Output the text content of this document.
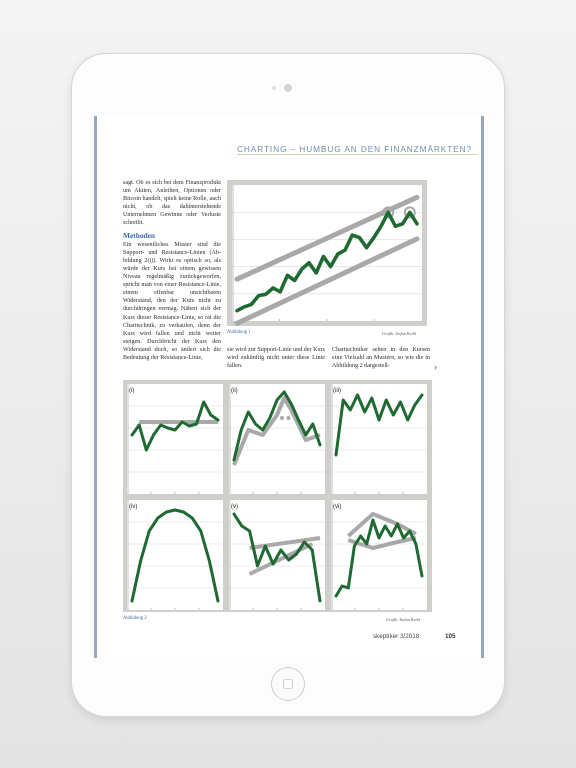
CHARTING – HUMBUG AN DEN FINANZMÄRKTEN?

sagt. Ob es sich bei dem Finanzprodukt um Aktien, Anleihen, Optionen oder Bitcoin handelt, spielt keine Rolle, auch nicht, ob das dahinterstehende Unternehmen Gewinne oder Verluste schreibt.

Methoden

Ein wesentliches Muster sind die Support- und Resistance-Linien (Abbildung 2(i)). Wirkt es optisch so, als würde der Kurs bei einem gewissen Niveau regelmäßig zurückgeworfen, spricht man von einer Resistance-Linie, einem offenbar unsichtbaren Widerstand, den der Kurs nicht zu durchdringen vermag. Nähert sich der Kurs dieser Resistance-Linie, so rät die Charttechnik, zu verkaufen, denn der Kurs wird fallen und nicht weiter steigen. Durchbricht der Kurs den Widerstand doch, so ändert sich die Bedeutung der Resistance-Linie,

Abbildung 1	Grafik: Stefan Kerkl
sie wird zur Support-Linie und der Kurs wird zukünftig nicht unter diese Linie fallen.
Charttechniker sehen in den Kursen eine Vielzahl an Mustern, so wie die in Abbildung 2 dargestell-	›
(i)	(ii)	(iii)
(iv)	(v)	(vi)
Abbildung 2	Grafik: Stefan Kerkl
skeptiker 3/2018	105
